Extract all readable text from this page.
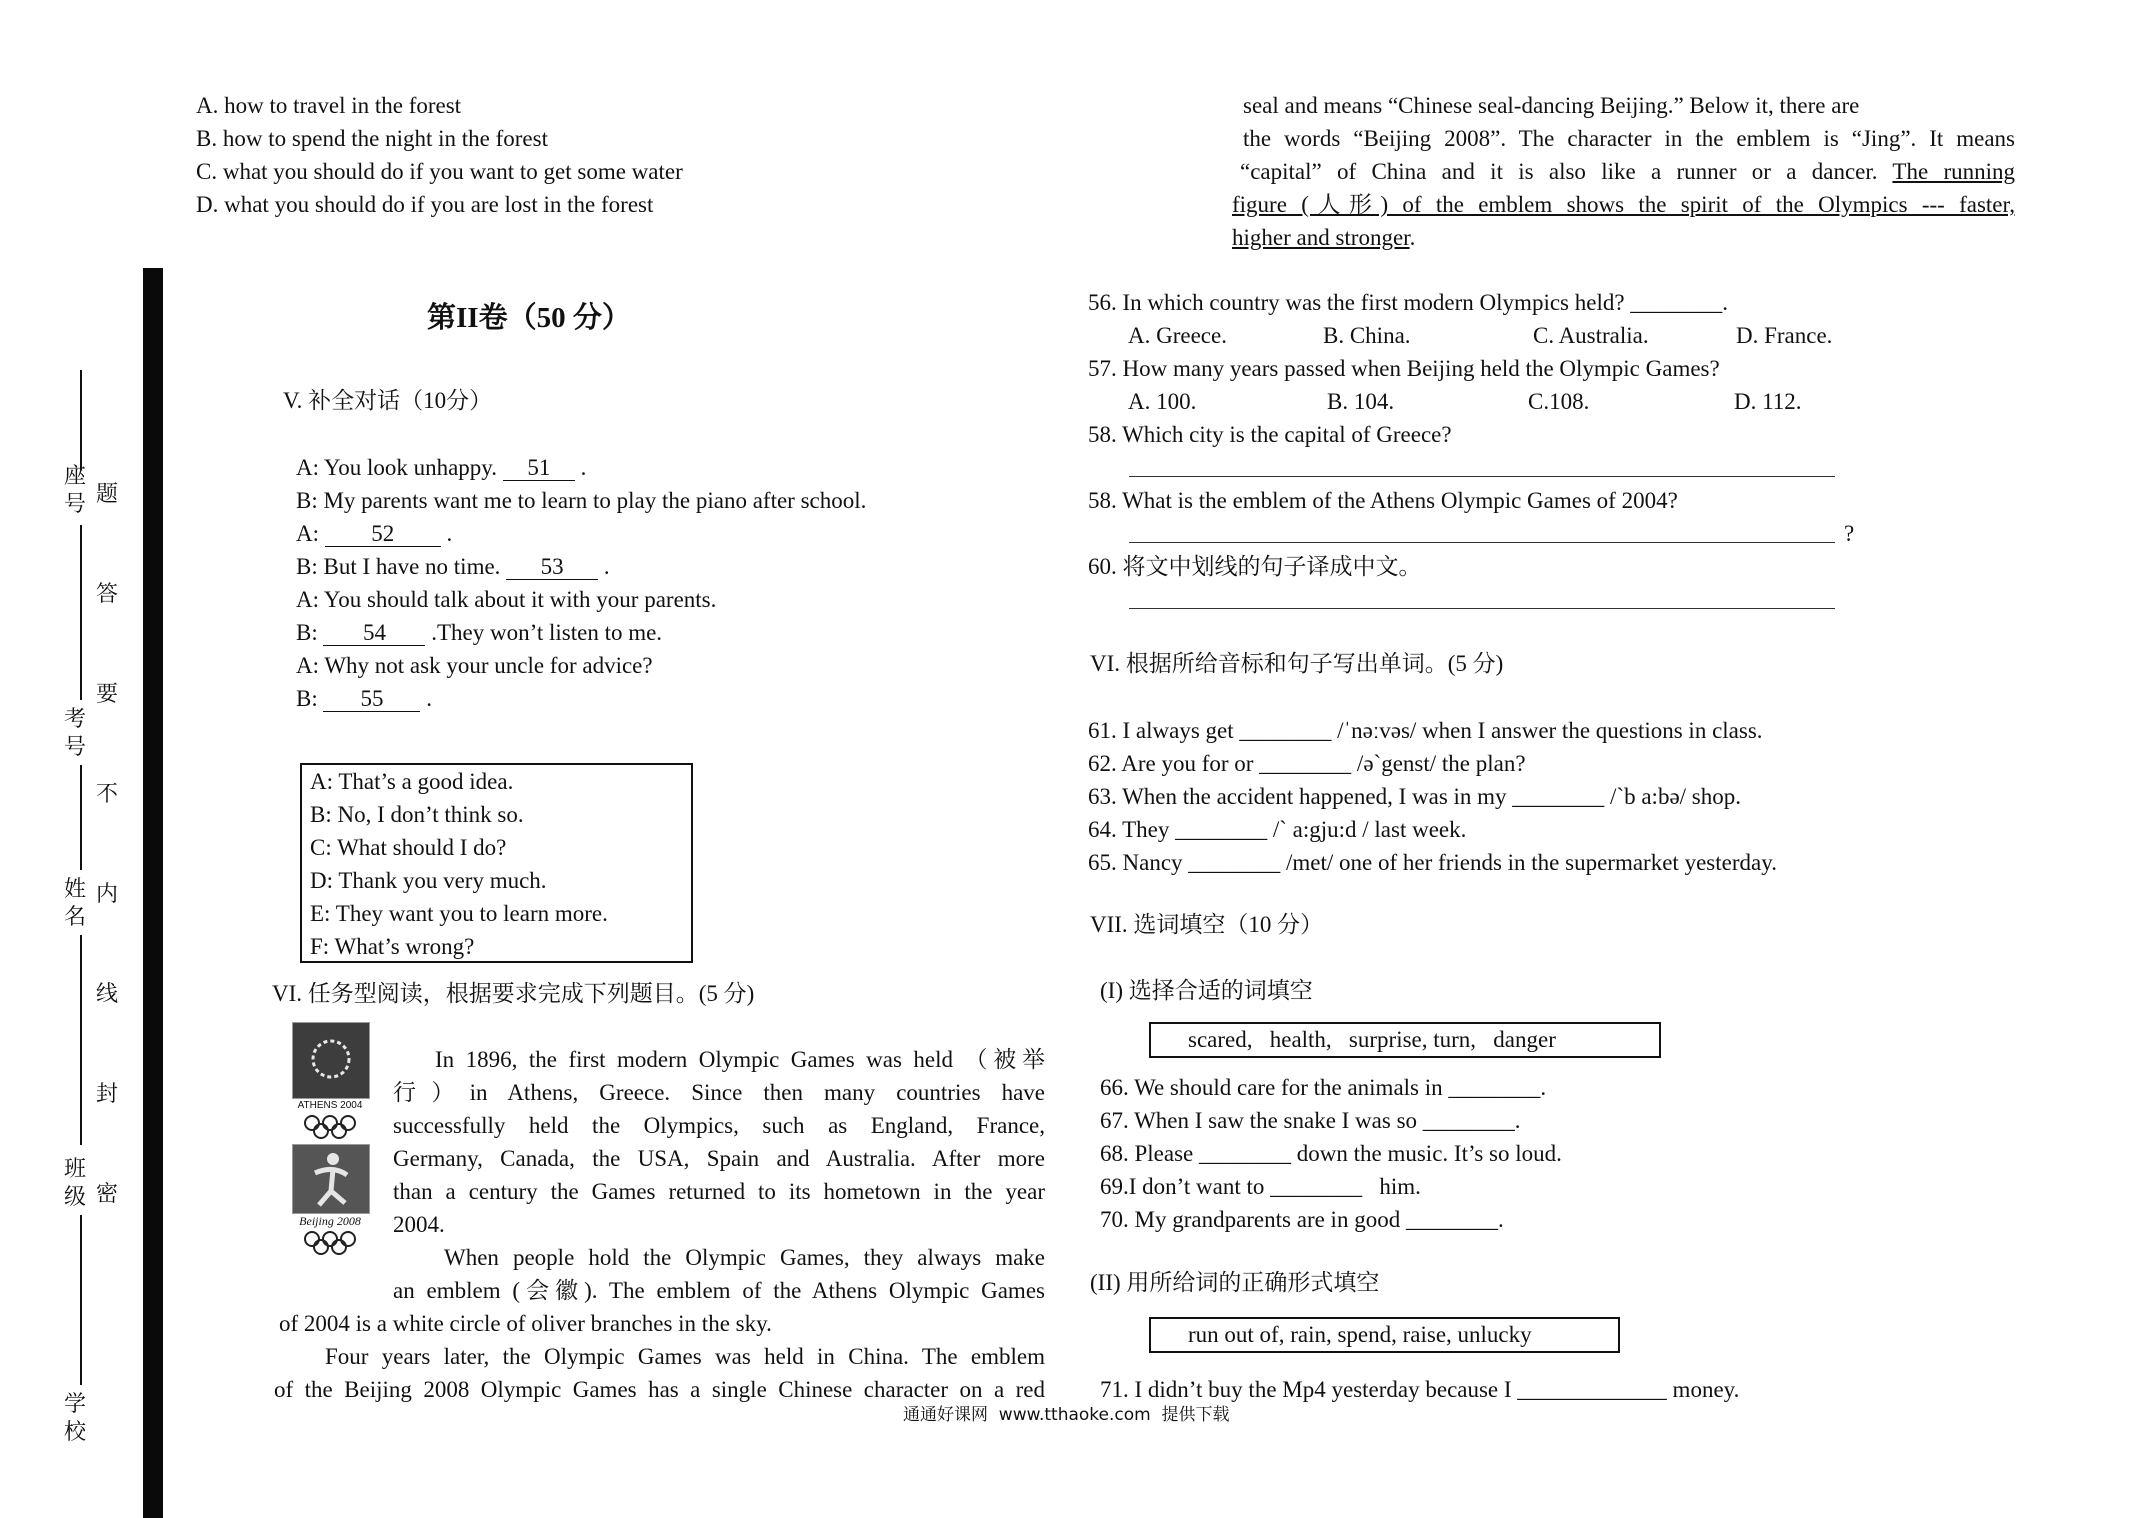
座号
考号
姓名
班级
学校
题
答
要
不
内
线
封
密
A. how to travel in the forest
B. how to spend the night in the forest
C. what you should do if you want to get some water
D. what you should do if you are lost in the forest
第II卷（50 分）
V. 补全对话（10分）
A: You look unhappy. 51 .
B: My parents want me to learn to play the piano after school.
A: 52 .
B: But I have no time. 53 .
A: You should talk about it with your parents.
B: 54 .They won’t listen to me.
A: Why not ask your uncle for advice?
B: 55 .
A: That’s a good idea.
B: No, I don’t think so.
C: What should I do?
D: Thank you very much.
E: They want you to learn more.
F: What’s wrong?
VI. 任务型阅读，根据要求完成下列题目。(5 分)
ATHENS 2004
Beijing 2008
In 1896, the first modern Olympic Games was held （被举
行）in Athens, Greece. Since then many countries have
successfully held the Olympics, such as England, France,
Germany, Canada, the USA, Spain and Australia. After more
than a century the Games returned to its hometown in the year
2004.
When people hold the Olympic Games, they always make
an emblem (会徽). The emblem of the Athens Olympic Games
of 2004 is a white circle of oliver branches in the sky.
Four years later, the Olympic Games was held in China. The emblem
of the Beijing 2008 Olympic Games has a single Chinese character on a red
seal and means “Chinese seal-dancing Beijing.” Below it, there are
the words “Beijing 2008”. The character in the emblem is “Jing”. It means
“capital” of China and it is also like a runner or a dancer. The running
figure (人形) of the emblem shows the spirit of the Olympics --- faster,
higher and stronger.
56. In which country was the first modern Olympics held? ________.
A. Greece.	B. China.	C. Australia.	D. France.
57. How many years passed when Beijing held the Olympic Games?
A. 100.	B. 104.	C.108.	D. 112.
58. Which city is the capital of Greece?
58. What is the emblem of the Athens Olympic Games of 2004?
?
60. 将文中划线的句子译成中文。
VI. 根据所给音标和句子写出单词。(5 分)
61. I always get ________ /ˈnəːvəs/ when I answer the questions in class.
62. Are you for or ________ /əˋgenst/ the plan?
63. When the accident happened, I was in my ________ /ˋb a:bə/ shop.
64. They ________ /ˋ a:gju:d / last week.
65. Nancy ________ /met/ one of her friends in the supermarket yesterday.
VII. 选词填空（10 分）
(I) 选择合适的词填空
scared,   health,   surprise, turn,   danger
66. We should care for the animals in ________.
67. When I saw the snake I was so ________.
68. Please ________ down the music. It’s so loud.
69.I don’t want to ________   him.
70. My grandparents are in good ________.
(II) 用所给词的正确形式填空
run out of, rain, spend, raise, unlucky
71. I didn’t buy the Mp4 yesterday because I _____________ money.
通通好课网  www.tthaoke.com  提供下载
